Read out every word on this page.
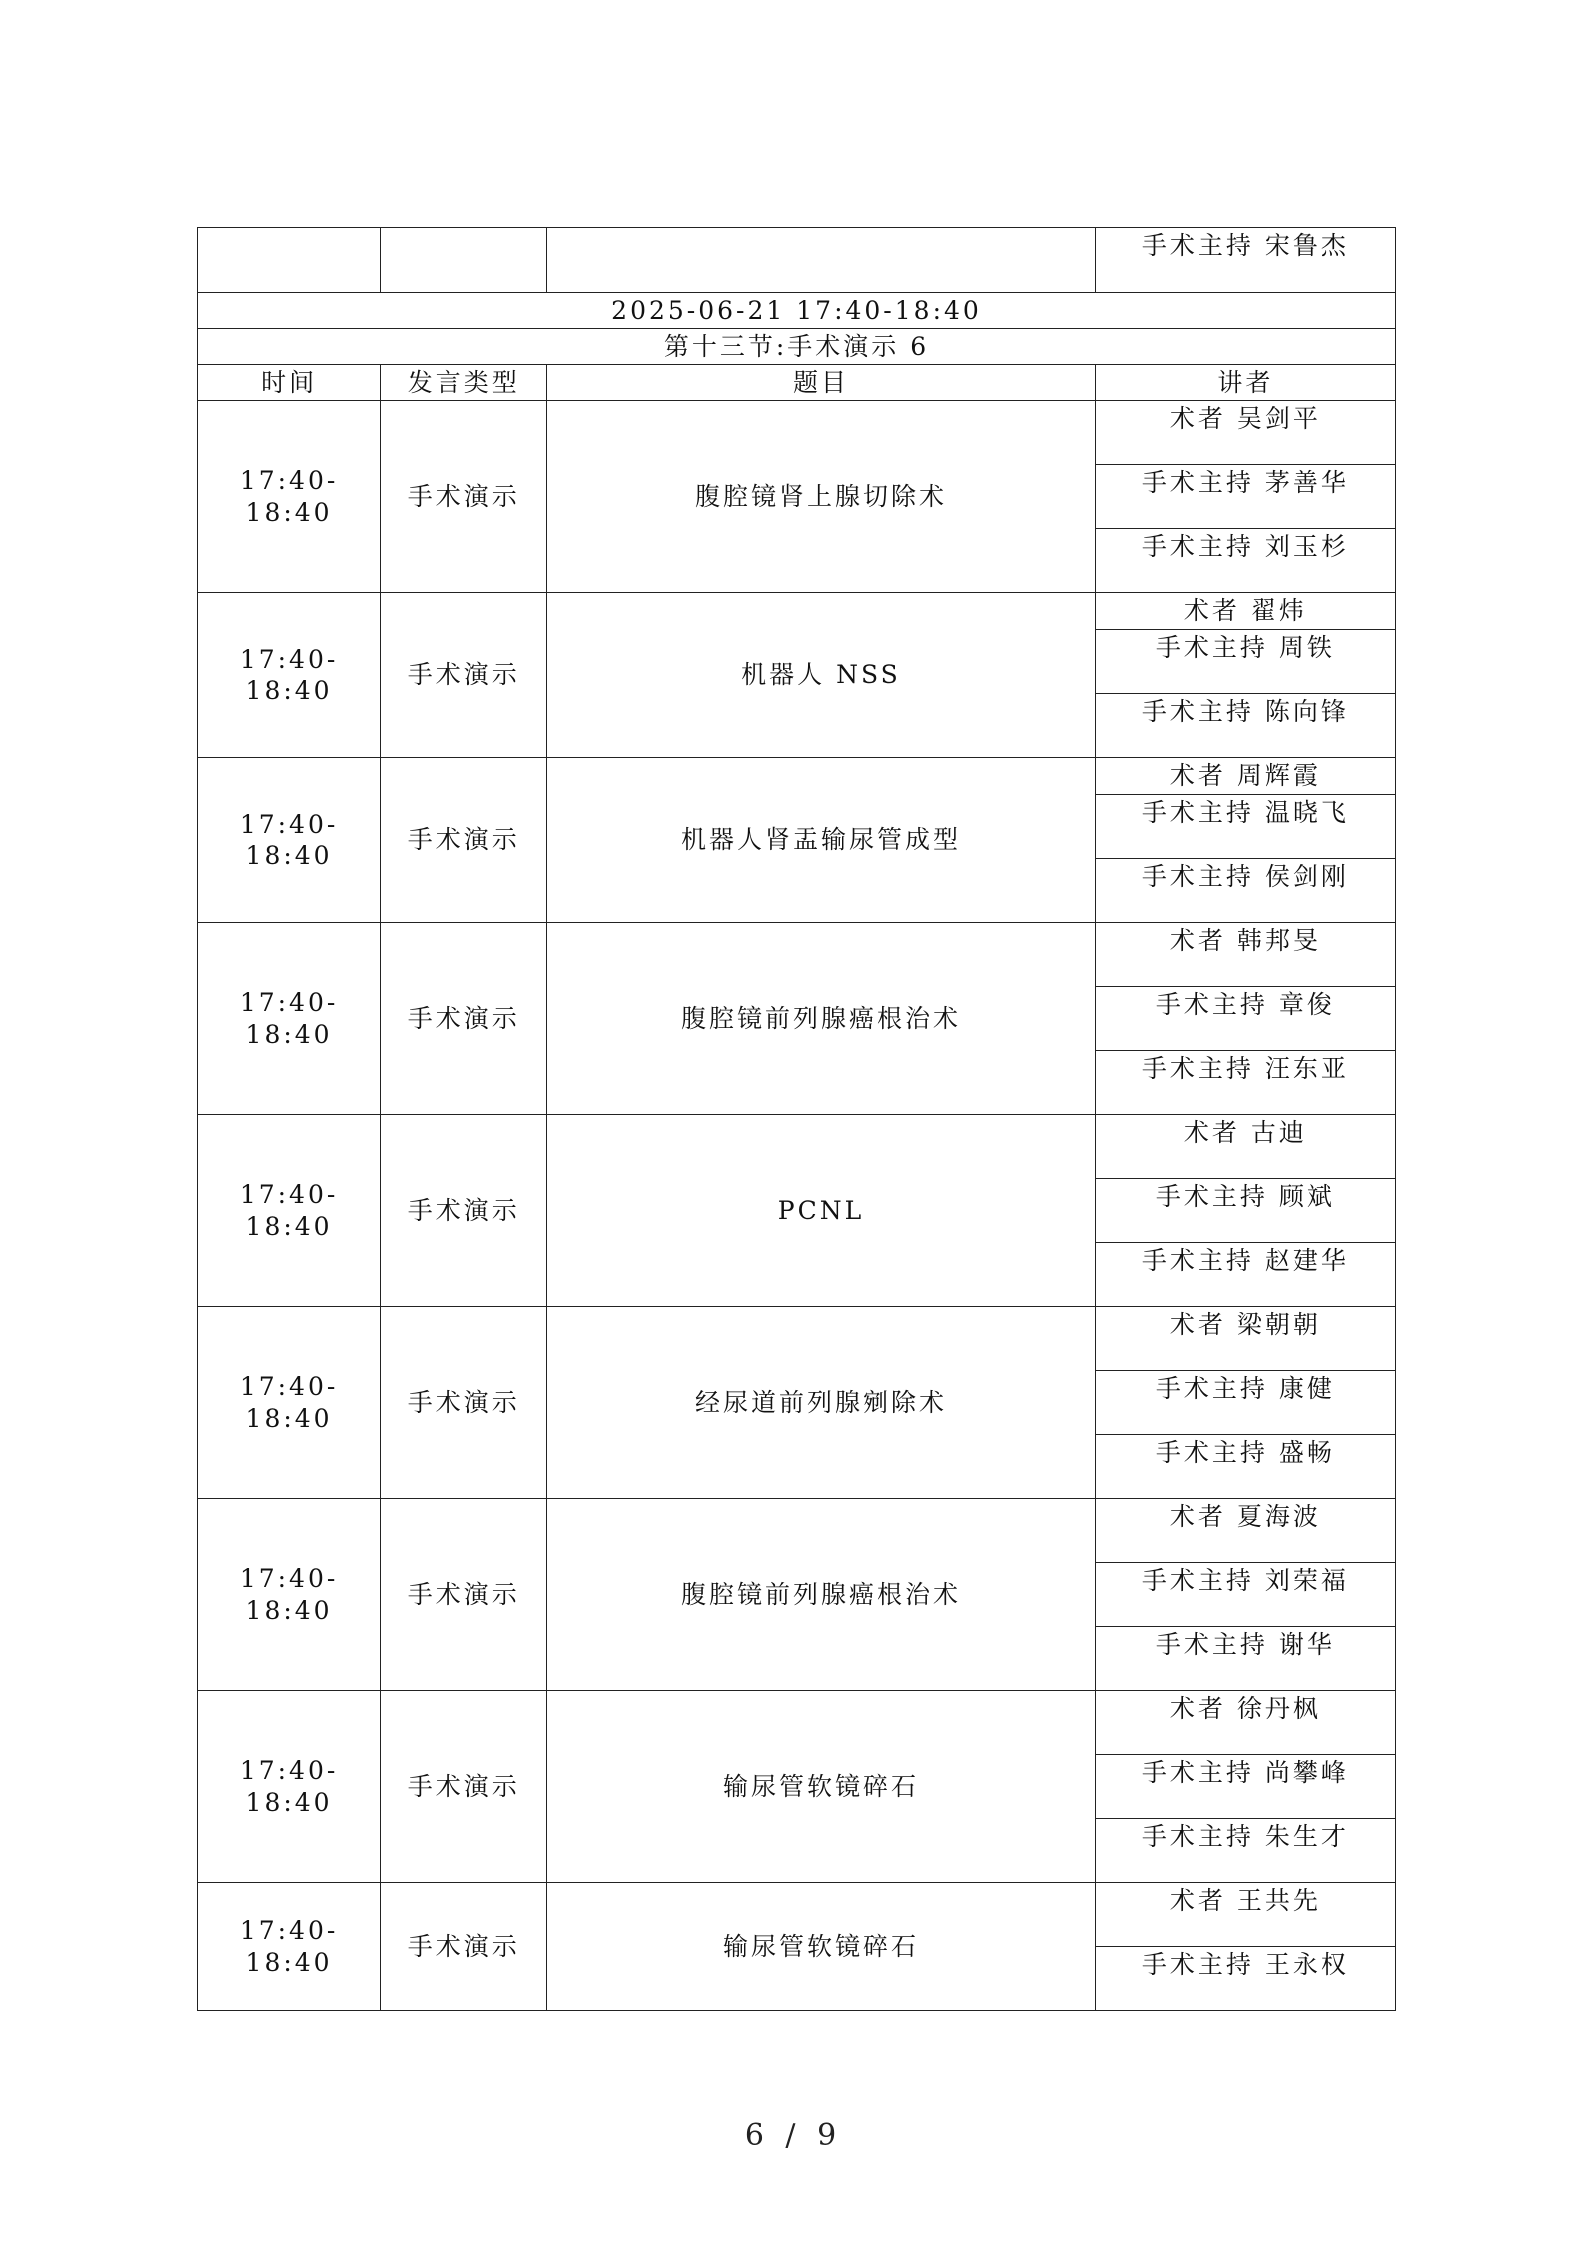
			手术主持 宋鲁杰
2025-06-21 17:40-18:40			
第十三节:手术演示 6			
时间	发言类型	题目	讲者
17:40-18:40	手术演示	腹腔镜肾上腺切除术	术者 吴剑平
			手术主持 茅善华
			手术主持 刘玉杉
17:40-18:40	手术演示	机器人 NSS	术者 翟炜
			手术主持 周铁
			手术主持 陈向锋
17:40-18:40	手术演示	机器人肾盂输尿管成型	术者 周辉霞
			手术主持 温晓飞
			手术主持 侯剑刚
17:40-18:40	手术演示	腹腔镜前列腺癌根治术	术者 韩邦旻
			手术主持 章俊
			手术主持 汪东亚
17:40-18:40	手术演示	PCNL	术者 古迪
			手术主持 顾斌
			手术主持 赵建华
17:40-18:40	手术演示	经尿道前列腺剜除术	术者 梁朝朝
			手术主持 康健
			手术主持 盛畅
17:40-18:40	手术演示	腹腔镜前列腺癌根治术	术者 夏海波
			手术主持 刘荣福
			手术主持 谢华
17:40-18:40	手术演示	输尿管软镜碎石	术者 徐丹枫
			手术主持 尚攀峰
			手术主持 朱生才
17:40-18:40	手术演示	输尿管软镜碎石	术者 王共先
			手术主持 王永权
6 / 9
